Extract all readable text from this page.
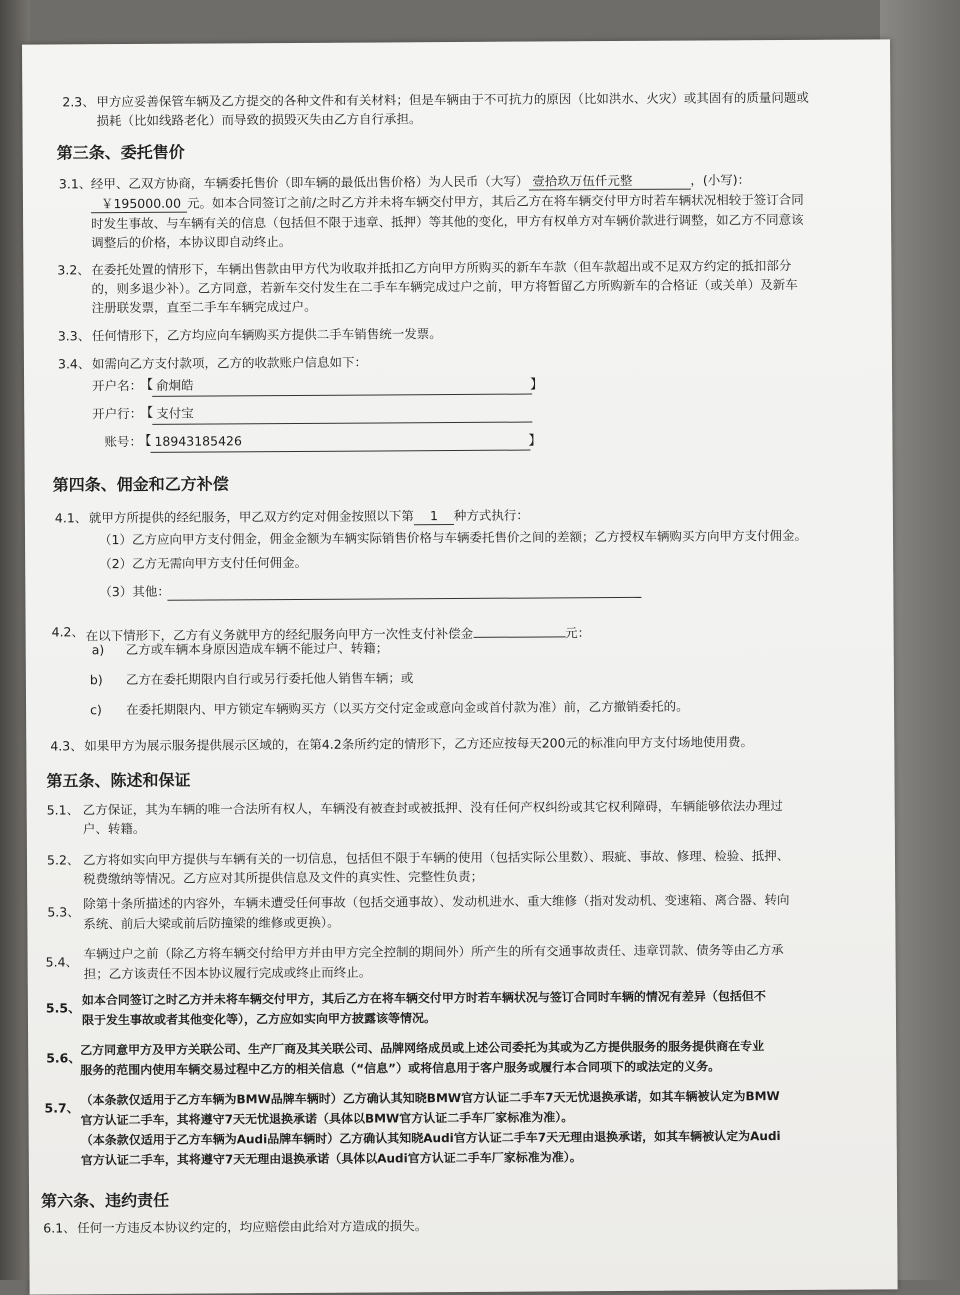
2.3、 甲方应妥善保管车辆及乙方提交的各种文件和有关材料；但是车辆由于不可抗力的原因（比如洪水、火灾）或其固有的质量问题或
损耗（比如线路老化）而导致的损毁灭失由乙方自行承担。
第三条、委托售价
3.1、 经甲、乙双方协商，车辆委托售价（即车辆的最低出售价格）为人民币（大写） 壹拾玖万伍仟元整	，(小写)：
￥195000.00 元。如本合同签订之前/之时乙方并未将车辆交付甲方，其后乙方在将车辆交付甲方时若车辆状况相较于签订合同
时发生事故、与车辆有关的信息（包括但不限于违章、抵押）等其他的变化，甲方有权单方对车辆价款进行调整，如乙方不同意该
调整后的价格，本协议即自动终止。
3.2、 在委托处置的情形下，车辆出售款由甲方代为收取并抵扣乙方向甲方所购买的新车车款（但车款超出或不足双方约定的抵扣部分
的，则多退少补）。乙方同意，若新车交付发生在二手车车辆完成过户之前，甲方将暂留乙方所购新车的合格证（或关单）及新车
注册联发票，直至二手车车辆完成过户。
3.3、 任何情形下，乙方均应向车辆购买方提供二手车销售统一发票。
3.4、 如需向乙方支付款项，乙方的收款账户信息如下：
开户名：
【 俞炯皓	】
开户行：
【 支付宝
账号：
【 18943185426	】
第四条、佣金和乙方补偿
4.1、 就甲方所提供的经纪服务，甲乙双方约定对佣金按照以下第 1 种方式执行：
（1）乙方应向甲方支付佣金，佣金金额为车辆实际销售价格与车辆委托售价之间的差额；乙方授权车辆购买方向甲方支付佣金。
（2）乙方无需向甲方支付任何佣金。
（3）其他：
4.2、 在以下情形下，乙方有义务就甲方的经纪服务向甲方一次性支付补偿金	元：
a) 乙方或车辆本身原因造成车辆不能过户、转籍；
b) 乙方在委托期限内自行或另行委托他人销售车辆；或
c) 在委托期限内、甲方锁定车辆购买方（以买方交付定金或意向金或首付款为准）前，乙方撤销委托的。
4.3、 如果甲方为展示服务提供展示区域的，在第4.2条所约定的情形下，乙方还应按每天200元的标准向甲方支付场地使用费。
第五条、陈述和保证
5.1、 乙方保证，其为车辆的唯一合法所有权人，车辆没有被查封或被抵押、没有任何产权纠纷或其它权利障碍，车辆能够依法办理过
户、转籍。
5.2、 乙方将如实向甲方提供与车辆有关的一切信息，包括但不限于车辆的使用（包括实际公里数）、瑕疵、事故、修理、检验、抵押、
税费缴纳等情况。乙方应对其所提供信息及文件的真实性、完整性负责；
5.3、
除第十条所描述的内容外，车辆未遭受任何事故（包括交通事故）、发动机进水、重大维修（指对发动机、变速箱、离合器、转向
系统、前后大梁或前后防撞梁的维修或更换）。
5.4、
车辆过户之前（除乙方将车辆交付给甲方并由甲方完全控制的期间外）所产生的所有交通事故责任、违章罚款、债务等由乙方承
担；乙方该责任不因本协议履行完成或终止而终止。
5.5、
如本合同签订之时乙方并未将车辆交付甲方，其后乙方在将车辆交付甲方时若车辆状况与签订合同时车辆的情况有差异（包括但不
限于发生事故或者其他变化等），乙方应如实向甲方披露该等情况。
5.6、
乙方同意甲方及甲方关联公司、生产厂商及其关联公司、品牌网络成员或上述公司委托为其或为乙方提供服务的服务提供商在专业
服务的范围内使用车辆交易过程中乙方的相关信息（“信息”）或将信息用于客户服务或履行本合同项下的或法定的义务。
5.7、
（本条款仅适用于乙方车辆为BMW品牌车辆时）乙方确认其知晓BMW官方认证二手车7天无忧退换承诺，如其车辆被认定为BMW
官方认证二手车，其将遵守7天无忧退换承诺（具体以BMW官方认证二手车厂家标准为准）。
（本条款仅适用于乙方车辆为Audi品牌车辆时）乙方确认其知晓Audi官方认证二手车7天无理由退换承诺，如其车辆被认定为Audi
官方认证二手车，其将遵守7天无理由退换承诺（具体以Audi官方认证二手车厂家标准为准）。
第六条、违约责任
6.1、 任何一方违反本协议约定的，均应赔偿由此给对方造成的损失。
